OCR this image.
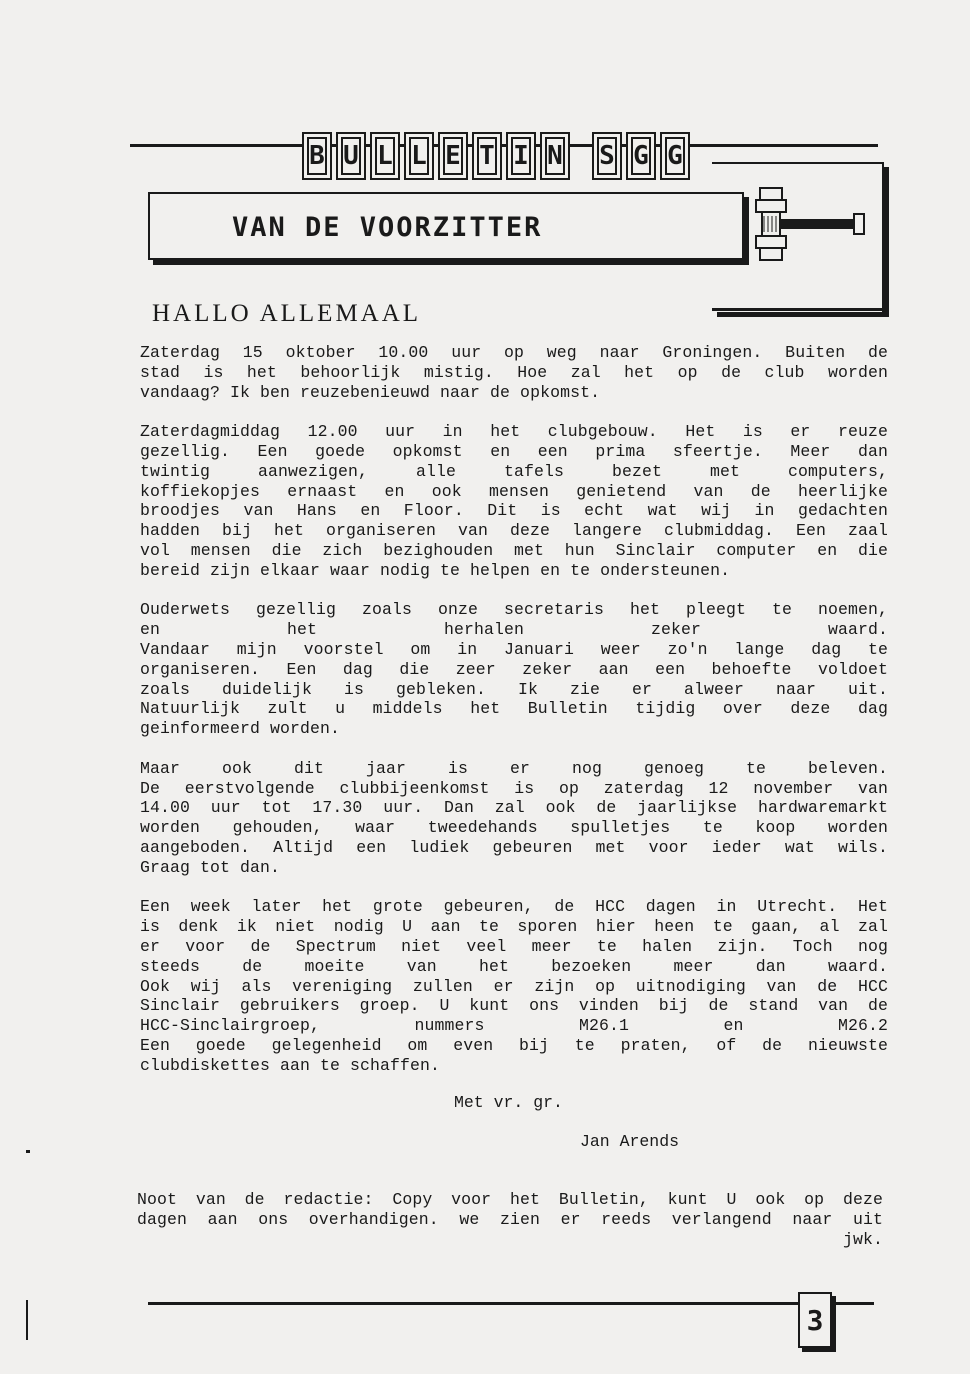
B U L L E T I N S G G
VAN DE VOORZITTER
HALLO ALLEMAAL
Zaterdag 15 oktober 10.00 uur op weg naar Groningen. Buiten de
stad is het behoorlijk mistig. Hoe zal het op de club worden
vandaag? Ik ben reuzebenieuwd naar de opkomst.
Zaterdagmiddag 12.00 uur in het clubgebouw. Het is er reuze
gezellig. Een goede opkomst en een prima sfeertje. Meer dan
twintig aanwezigen, alle tafels bezet met computers,
koffiekopjes ernaast en ook mensen genietend van de heerlijke
broodjes van Hans en Floor. Dit is echt wat wij in gedachten
hadden bij het organiseren van deze langere clubmiddag. Een zaal
vol mensen die zich bezighouden met hun Sinclair computer en die
bereid zijn elkaar waar nodig te helpen en te ondersteunen.
Ouderwets gezellig zoals onze secretaris het pleegt te noemen,
en het herhalen zeker waard.
Vandaar mijn voorstel om in Januari weer zo'n lange dag te
organiseren. Een dag die zeer zeker aan een behoefte voldoet
zoals duidelijk is gebleken. Ik zie er alweer naar uit.
Natuurlijk zult u middels het Bulletin tijdig over deze dag
geinformeerd worden.
Maar ook dit jaar is er nog genoeg te beleven.
De eerstvolgende clubbijeenkomst is op zaterdag 12 november van
14.00 uur tot 17.30 uur. Dan zal ook de jaarlijkse hardwaremarkt
worden gehouden, waar tweedehands spulletjes te koop worden
aangeboden. Altijd een ludiek gebeuren met voor ieder wat wils.
Graag tot dan.
Een week later het grote gebeuren, de HCC dagen in Utrecht. Het
is denk ik niet nodig U aan te sporen hier heen te gaan, al zal
er voor de Spectrum niet veel meer te halen zijn. Toch nog
steeds de moeite van het bezoeken meer dan waard.
Ook wij als vereniging zullen er zijn op uitnodiging van de HCC
Sinclair gebruikers groep. U kunt ons vinden bij de stand van de
HCC-Sinclairgroep, nummers M26.1 en M26.2
Een goede gelegenheid om even bij te praten, of de nieuwste
clubdiskettes aan te schaffen.
Met vr. gr.
Jan Arends
Noot van de redactie: Copy voor het Bulletin, kunt U ook op deze
dagen aan ons overhandigen. we zien er reeds verlangend naar uit
jwk.
3
